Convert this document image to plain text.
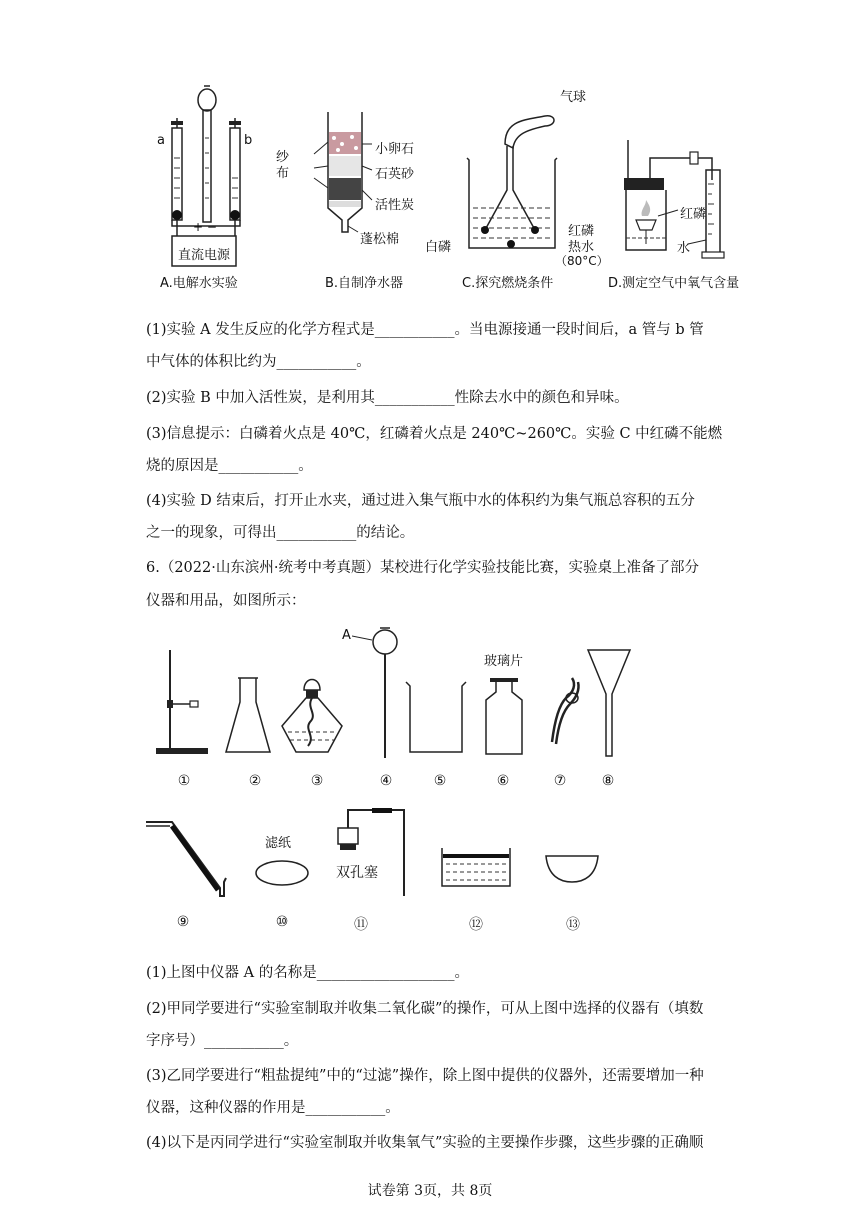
a	b
+ −
直流电源
纱布
小卵石
石英砂
活性炭
蓬松棉
气球
红磷
热水
（80°C）
白磷
红磷
水
A.电解水实验	B.自制净水器	C.探究燃烧条件	D.测定空气中氧气含量
(1)实验 A 发生反应的化学方程式是___________。当电源接通一段时间后，a 管与 b 管
中气体的体积比约为___________。
(2)实验 B 中加入活性炭，是利用其___________性除去水中的颜色和异味。
(3)信息提示：白磷着火点是 40℃，红磷着火点是 240℃~260℃。实验 C 中红磷不能燃
烧的原因是___________。
(4)实验 D 结束后，打开止水夹，通过进入集气瓶中水的体积约为集气瓶总容积的五分
之一的现象，可得出___________的结论。
6.（2022·山东滨州·统考中考真题）某校进行化学实验技能比赛，实验桌上准备了部分
仪器和用品，如图所示：
A
玻璃片
①	②	③	④	⑤	⑥	⑦	⑧
滤纸
双孔塞
⑨	⑩	⑪	⑫	⑬
(1)上图中仪器 A 的名称是___________________。
(2)甲同学要进行“实验室制取并收集二氧化碳”的操作，可从上图中选择的仪器有（填数
字序号）___________。
(3)乙同学要进行“粗盐提纯”中的“过滤”操作，除上图中提供的仪器外，还需要增加一种
仪器，这种仪器的作用是___________。
(4)以下是丙同学进行“实验室制取并收集氧气”实验的主要操作步骤，这些步骤的正确顺
试卷第 3页，共 8页
